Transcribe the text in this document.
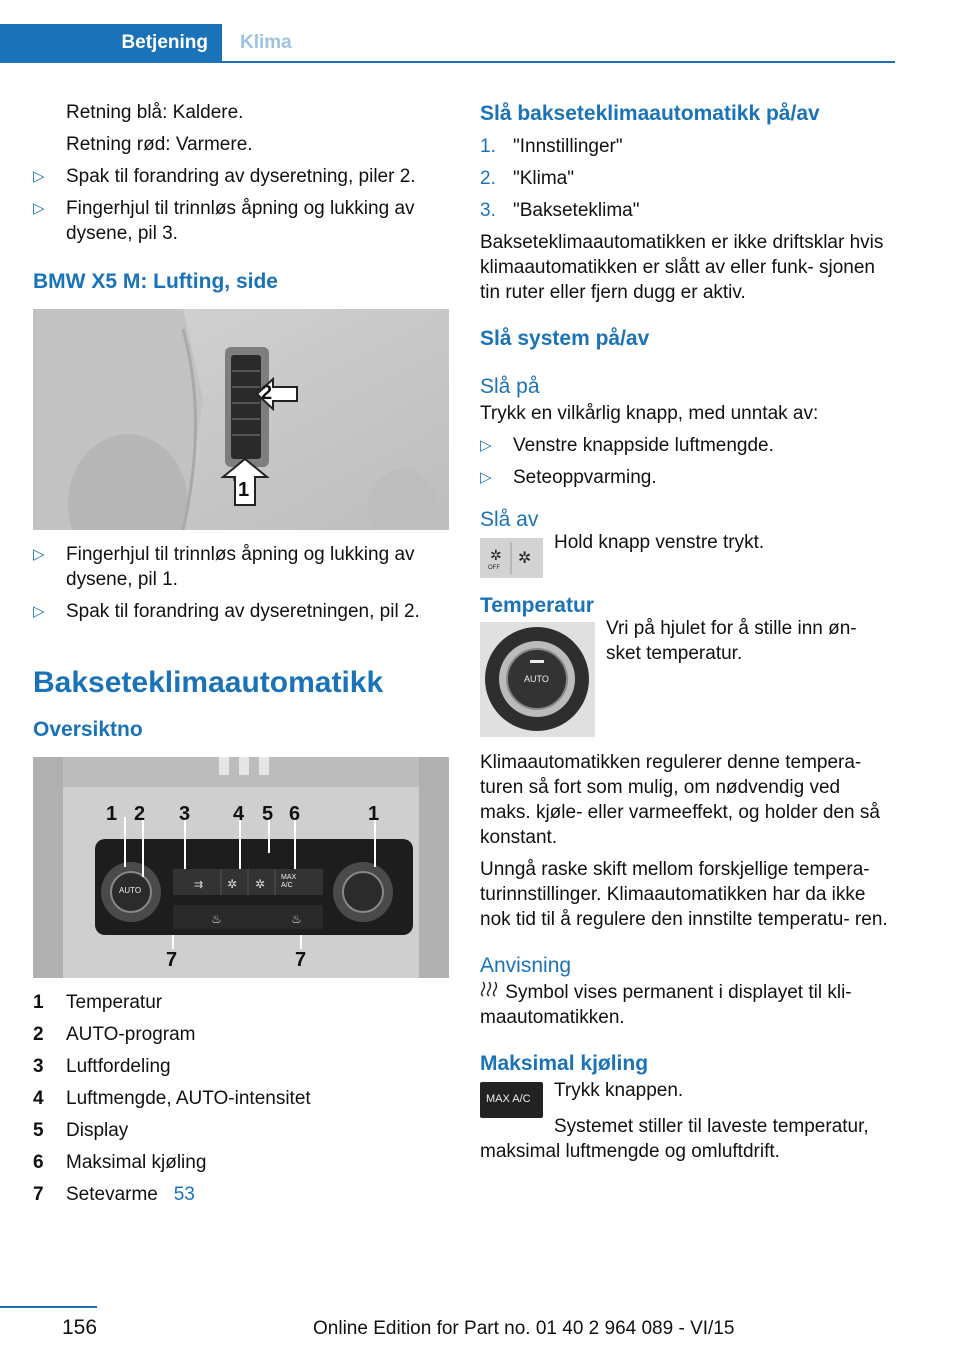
Betjening	Klima

Retning blå: Kaldere.

Retning rød: Varmere.

▷ Spak til forandring av dyseretning, piler 2.
▷ Fingerhjul til trinnløs åpning og lukking av dysene, pil 3.
BMW X5 M: Lufting, side
2
1
▷ Fingerhjul til trinnløs åpning og lukking av dysene, pil 1.
▷ Spak til forandring av dyseretningen, pil 2.
Bakseteklimaautomatikk
Oversiktno
⇉ ✲ ✲
♨	♨
AUTO
MAX A/C
1 2 3 4 5 6	1
7	7
1 Temperatur
2 AUTO-program
3 Luftfordeling
4 Luftmengde, AUTO-intensitet
5 Display
6 Maksimal kjøling
7 Setevarme 53
Slå bakseteklimaautomatikk på/av
1. "Innstillinger"
2. "Klima"
3. "Bakseteklima"

Bakseteklimaautomatikken er ikke driftsklar hvis klimaautomatikken er slått av eller funk- sjonen tin ruter eller fjern dugg er aktiv.

Slå system på/av
Slå på

Trykk en vilkårlig knapp, med unntak av:

▷ Venstre knappside luftmengde.
▷ Seteoppvarming.
Slå av
✲ ✲
OFF

Hold knapp venstre trykt.

Temperatur
AUTO

Vri på hjulet for å stille inn øn- sket temperatur.

Klimaautomatikken regulerer denne tempera- turen så fort som mulig, om nødvendig ved maks. kjøle- eller varmeeffekt, og holder den så konstant.

Unngå raske skift mellom forskjellige tempera- turinnstillinger. Klimaautomatikken har da ikke nok tid til å regulere den innstilte temperatu- ren.

Anvisning

Symbol vises permanent i displayet til kli- maautomatikken.

Maksimal kjøling
MAX A/C Trykk knappen.

Systemet stiller til laveste temperatur, maksimal luftmengde og omluftdrift.

156	Online Edition for Part no. 01 40 2 964 089 - VI/15
